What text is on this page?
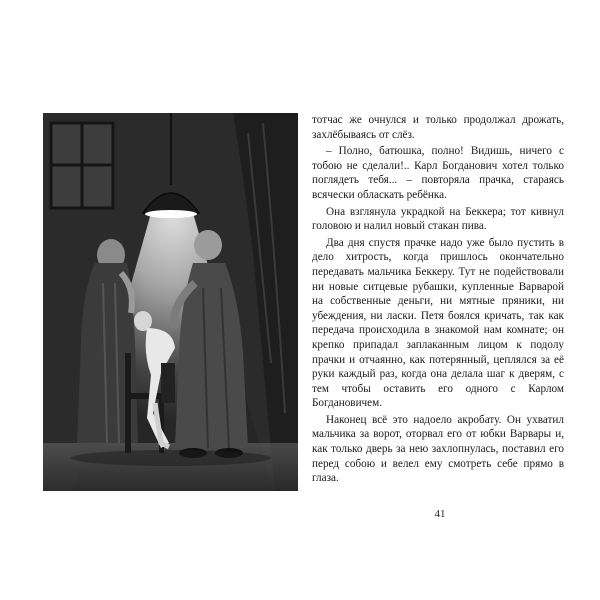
тотчас же очнулся и только продолжал дрожать, захлёбываясь от слёз.

– Полно, батюшка, полно! Видишь, ничего с тобою не сделали!.. Карл Богданович хотел только поглядеть тебя... – повторяла прачка, стараясь всячески обласкать ребёнка.

Она взглянула украдкой на Беккера; тот кивнул головою и налил новый стакан пива.

Два дня спустя прачке надо уже было пустить в дело хитрость, когда пришлось окончательно передавать мальчика Беккеру. Тут не подействовали ни новые ситцевые рубашки, купленные Варварой на собственные деньги, ни мятные пряники, ни убеждения, ни ласки. Петя боялся кричать, так как передача происходила в знакомой нам комнате; он крепко припадал заплаканным лицом к подолу прачки и отчаянно, как потерянный, цеплялся за её руки каждый раз, когда она делала шаг к дверям, с тем чтобы оставить его одного с Карлом Богдановичем.

Наконец всё это надоело акробату. Он ухватил мальчика за ворот, оторвал его от юбки Варвары и, как только дверь за нею захлопнулась, поставил его перед собою и велел ему смотреть себе прямо в глаза.

41
